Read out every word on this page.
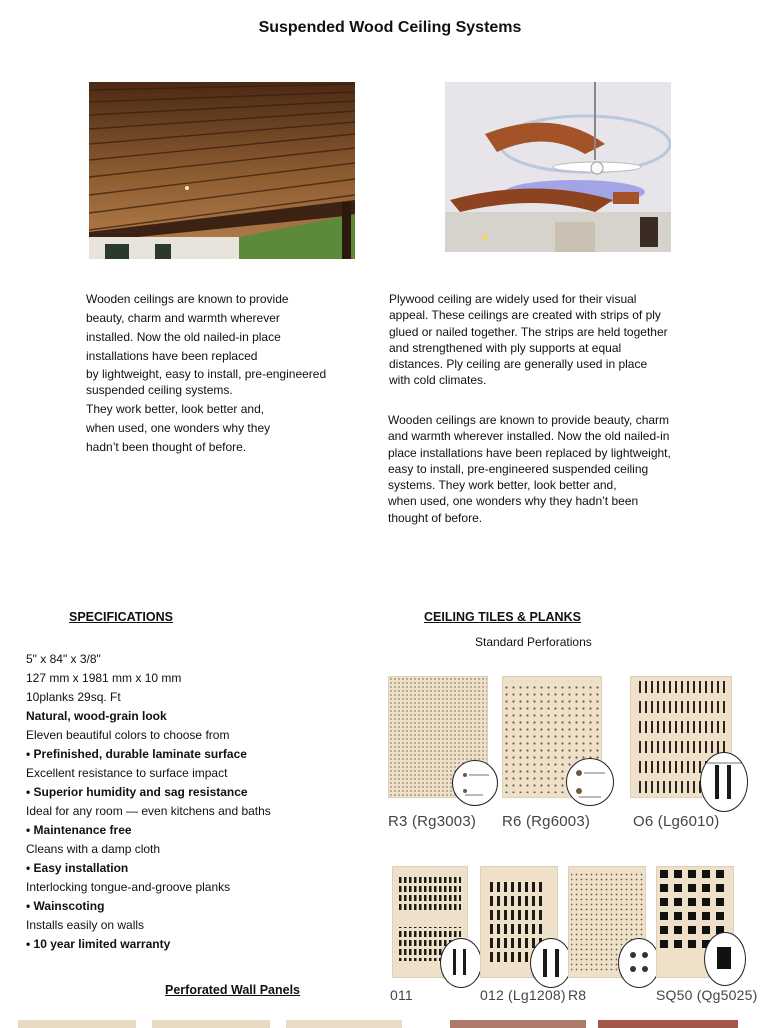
Suspended Wood Ceiling Systems

Wooden ceilings are known to provide

beauty, charm and warmth wherever

installed. Now the old nailed-in place

installations have been replaced

by lightweight, easy to install, pre-engineered suspended ceiling systems.

They work better, look better and,

when used, one wonders why they

hadn’t been thought of before.

Plywood ceiling are widely used for their visual appeal. These ceilings are created with strips of ply glued or nailed together. The strips are held together and strengthened with ply supports at equal distances. Ply ceiling are generally used in place with cold climates.

Wooden ceilings are known to provide beauty, charm and warmth wherever installed. Now the old nailed-in place installations have been replaced by lightweight, easy to install, pre-engineered suspended ceiling systems. They work better, look better and,
when used, one wonders why they hadn’t been thought of before.

SPECIFICATIONS
5" x 84" x 3/8"
127 mm x 1981 mm x 10 mm
10planks 29sq. Ft
Natural, wood-grain look
Eleven beautiful colors to choose from
• Prefinished, durable laminate surface
Excellent resistance to surface impact
• Superior humidity and sag resistance
Ideal for any room — even kitchens and baths
• Maintenance free
Cleans with a damp cloth
• Easy installation
Interlocking tongue-and-groove planks
• Wainscoting
Installs easily on walls
• 10 year limited warranty
CEILING TILES & PLANKS
Standard Perforations
R3 (Rg3003) R6 (Rg6003)	O6 (Lg6010)
011	012 (Lg1208) R8	SQ50 (Qg5025)
Perforated Wall Panels
